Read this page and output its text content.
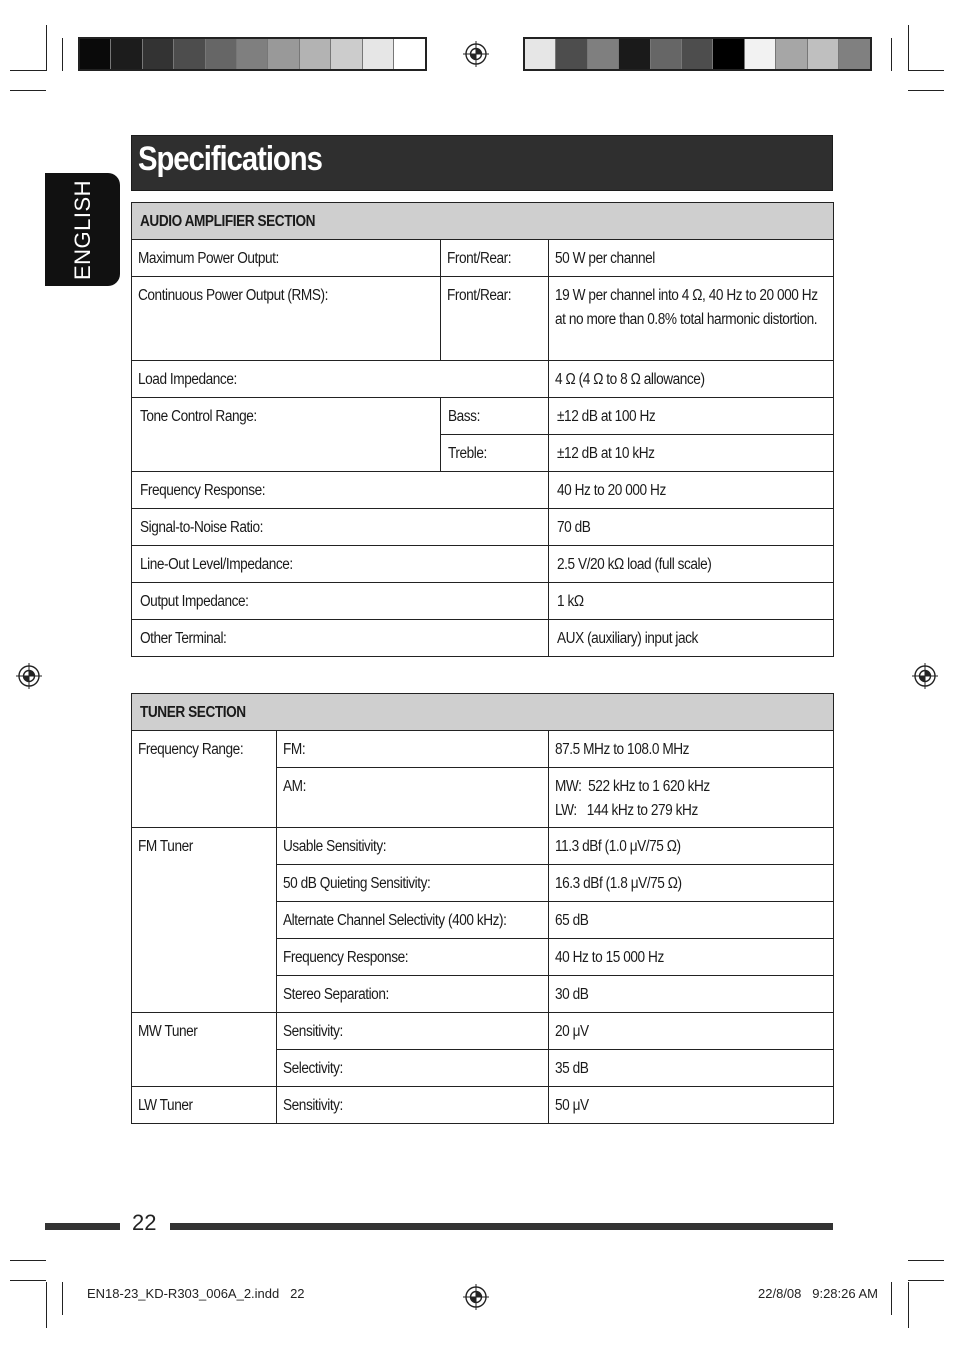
Specifications
ENGLISH	AUDIO AMPLIFIER SECTION		
Maximum Power Output:	Front/Rear:	50 W per channel
Continuous Power Output (RMS):	Front/Rear:	19 W per channel into 4 Ω, 40 Hz to 20 000 Hz at no more than 0.8% total harmonic distortion.
Load Impedance:		4 Ω (4 Ω to 8 Ω allowance)
Tone Control Range:	Bass:	±12 dB at 100 Hz
	Treble:	±12 dB at 10 kHz
Frequency Response:		40 Hz to 20 000 Hz
Signal-to-Noise Ratio:		70 dB
Line-Out Level/Impedance:		2.5 V/20 kΩ load (full scale)
Output Impedance:		1 kΩ
Other Terminal:		AUX (auxiliary) input jack
TUNER SECTION		
Frequency Range:	FM:	87.5 MHz to 108.0 MHz
	AM:	MW:  522 kHz to 1 620 kHz
LW:   144 kHz to 279 kHz
FM Tuner	Usable Sensitivity:	11.3 dBf (1.0 μV/75 Ω)
	50 dB Quieting Sensitivity:	16.3 dBf (1.8 μV/75 Ω)
	Alternate Channel Selectivity (400 kHz):	65 dB
	Frequency Response:	40 Hz to 15 000 Hz
	Stereo Separation:	30 dB
MW Tuner	Sensitivity:	20 μV
	Selectivity:	35 dB
LW Tuner	Sensitivity:	50 μV
22
EN18-23_KD-R303_006A_2.indd   22	22/8/08   9:28:26 AM
